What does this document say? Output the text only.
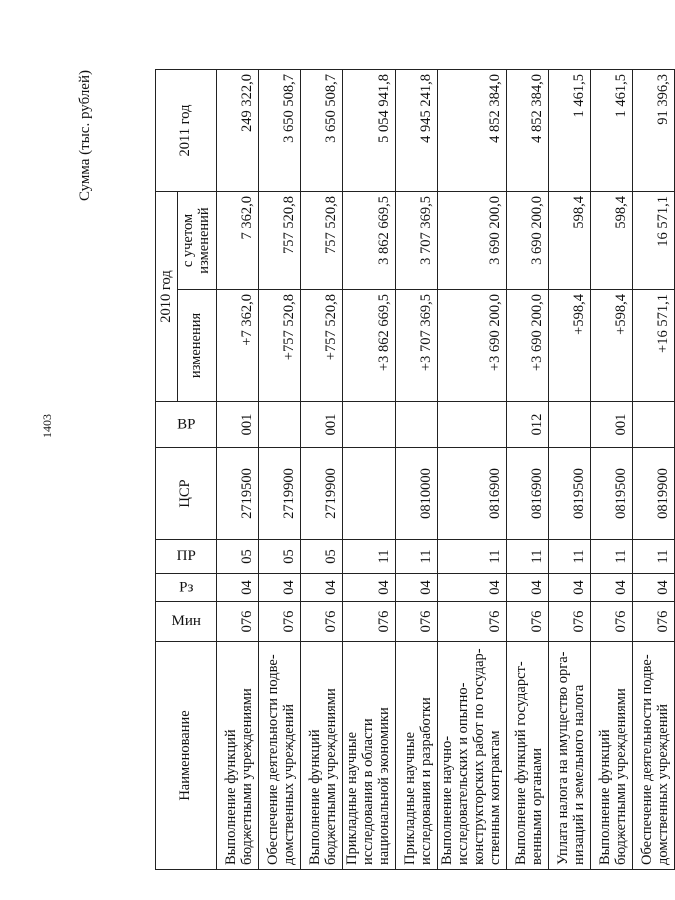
1403
Сумма (тыс. рублей)
Наименование	Мин	Рз	ПР	ЦСР	ВР	2010 год		2011 год
						изменения	с учетом изменений	
Выполнение функций бюджетными учреждениями	076	04	05	2719500	001	+7 362,0	7 362,0	249 322,0
Обеспечение деятельности подве-домственных учреждений	076	04	05	2719900		+757 520,8	757 520,8	3 650 508,7
Выполнение функций бюджетными учреждениями	076	04	05	2719900	001	+757 520,8	757 520,8	3 650 508,7
Прикладные научные исследования в области национальной экономики	076	04	11			+3 862 669,5	3 862 669,5	5 054 941,8
Прикладные научные исследования и разработки	076	04	11	0810000		+3 707 369,5	3 707 369,5	4 945 241,8
Выполнение научно-исследовательских и опытно-конструкторских работ по государ-ственным контрактам	076	04	11	0816900		+3 690 200,0	3 690 200,0	4 852 384,0
Выполнение функций государст-венными органами	076	04	11	0816900	012	+3 690 200,0	3 690 200,0	4 852 384,0
Уплата налога на имущество орга-низаций и земельного налога	076	04	11	0819500		+598,4	598,4	1 461,5
Выполнение функций бюджетными учреждениями	076	04	11	0819500	001	+598,4	598,4	1 461,5
Обеспечение деятельности подве-домственных учреждений	076	04	11	0819900		+16 571,1	16 571,1	91 396,3
